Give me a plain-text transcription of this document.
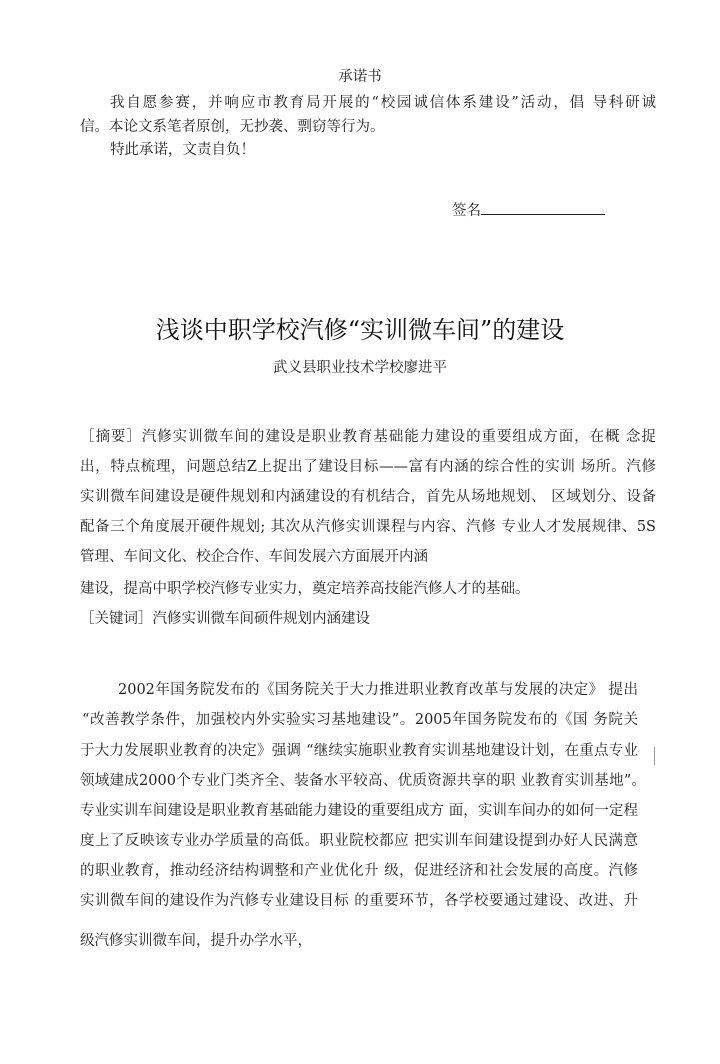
承诺书
我自愿参赛，并响应市教育局开展的“校园诚信体系建设”活动，倡 导科研诚
信。本论文系笔者原创，无抄袭、剽窃等行为。
特此承诺，文责自负！
签名
浅谈中职学校汽修“实训微车间”的建设
武义县职业技术学校廖进平
［摘要］汽修实训微车间的建设是职业教育基础能力建设的重要组成方面，在概 念捉
出，特点梳理，问题总结Z上捉出了建设目标——富有内涵的综合性的实训 场所。汽修
实训微车间建设是硬件规划和内涵建设的有机结合，首先从场地规划、 区域划分、设备
配备三个角度展开硬件规划; 其次从汽修实训课程与内容、汽修 专业人才发展规律、5S
管理、车间文化、校企合作、车间发展六方面展开内涵
建设，提高中职学校汽修专业实力，奠定培养高技能汽修人才的基础。
［关键词］汽修实训微车间硕件规划内涵建设
2002年国务院发布的《国务院关于大力推进职业教育改革与发展的决定》 提出
“改善教学条件，加强校内外实验实习基地建设”。2005年国务院发布的《国 务院关
于大力发展职业教育的决定》强调 “继续实施职业教育实训基地建设计划，在重点专业
领域建成2000个专业门类齐全、装备水平较高、优质资源共享的职 业教育实训基地”。
专业实训车间建设是职业教育基础能力建设的重要组成方 面，实训车间办的如何一定程
度上了反映该专业办学质量的高低。职业院校都应 把实训车间建设提到办好人民满意
的职业教育，推动经济结构调整和产业优化升 级，促进经济和社会发展的高度。汽修
实训微车间的建设作为汽修专业建设目标 的重要环节，各学校要通过建设、改进、升
级汽修实训微车间，提升办学水平，
